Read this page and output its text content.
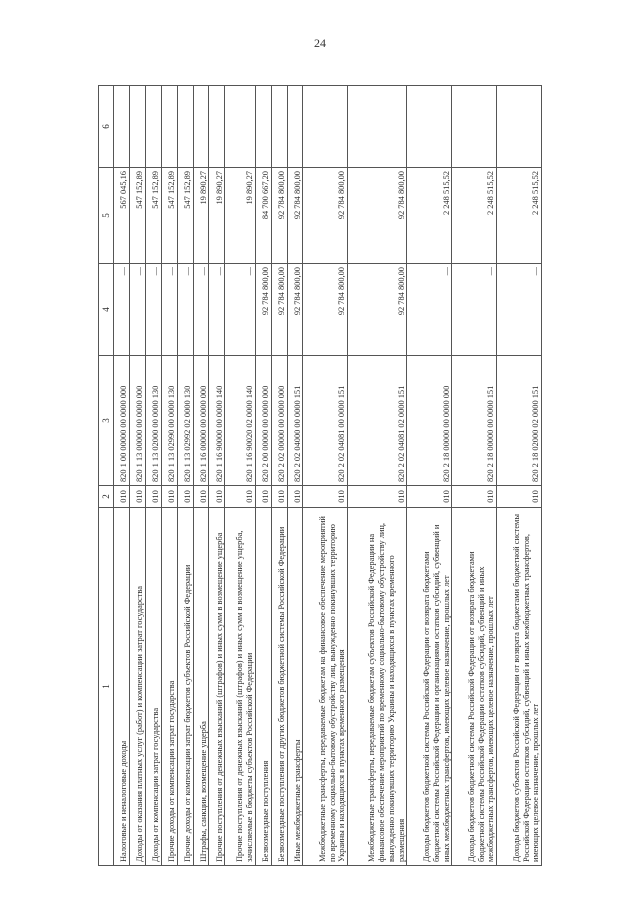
24
1	2	3	4	5	6
Налоговые и неналоговые доходы	010	820 1 00 00000 00 0000 000	—	567 045,16	
Доходы от оказания платных услуг (работ) и компенсации затрат государства	010	820 1 13 00000 00 0000 000	—	547 152,89	
Доходы от компенсации затрат государства	010	820 1 13 02000 00 0000 130	—	547 152,89	
Прочие доходы от компенсации затрат государства	010	820 1 13 02990 00 0000 130	—	547 152,89	
Прочие доходы от компенсации затрат бюджетов субъектов Российской Федерации	010	820 1 13 02992 02 0000 130	—	547 152,89	
Штрафы, санкции, возмещение ущерба	010	820 1 16 00000 00 0000 000	—	19 890,27	
Прочие поступления от денежных взысканий (штрафов) и иных сумм в возмещение ущерба	010	820 1 16 90000 00 0000 140	—	19 890,27	
Прочие поступления от денежных взысканий (штрафов) и иных сумм в возмещение ущерба, зачисляемые в бюджеты субъектов Российской Федерации	010	820 1 16 90020 02 0000 140	—	19 890,27	
Безвозмездные поступления	010	820 2 00 00000 00 0000 000	92 784 800,00	84 700 667,20	
Безвозмездные поступления от других бюджетов бюджетной системы Российской Федерации	010	820 2 02 00000 00 0000 000	92 784 800,00	92 784 800,00	
Иные межбюджетные трансферты	010	820 2 02 04000 00 0000 151	92 784 800,00	92 784 800,00	
Межбюджетные трансферты, передаваемые бюджетам на финансовое обеспечение мероприятий по временному социально-бытовому обустройству лиц, вынужденно покинувших территорию Украины и находящихся в пунктах временного размещения	010	820 2 02 04081 00 0000 151	92 784 800,00	92 784 800,00	
Межбюджетные трансферты, передаваемые бюджетам субъектов Российской Федерации на финансовое обеспечение мероприятий по временному социально-бытовому обустройству лиц, вынужденно покинувших территорию Украины и находящихся в пунктах временного размещения	010	820 2 02 04081 02 0000 151	92 784 800,00	92 784 800,00	
Доходы бюджетов бюджетной системы Российской Федерации от возврата бюджетами бюджетной системы Российской Федерации и организациями остатков субсидий, субвенций и иных межбюджетных трансфертов, имеющих целевое назначение, прошлых лет	010	820 2 18 00000 00 0000 000	—	2 248 515,52	
Доходы бюджетов бюджетной системы Российской Федерации от возврата бюджетами бюджетной системы Российской Федерации остатков субсидий, субвенций и иных межбюджетных трансфертов, имеющих целевое назначение, прошлых лет	010	820 2 18 00000 00 0000 151	—	2 248 515,52	
Доходы бюджетов субъектов Российской Федерации от возврата бюджетами бюджетной системы Российской Федерации остатков субсидий, субвенций и иных межбюджетных трансфертов, имеющих целевое назначение, прошлых лет	010	820 2 18 02000 02 0000 151	—	2 248 515,52	
